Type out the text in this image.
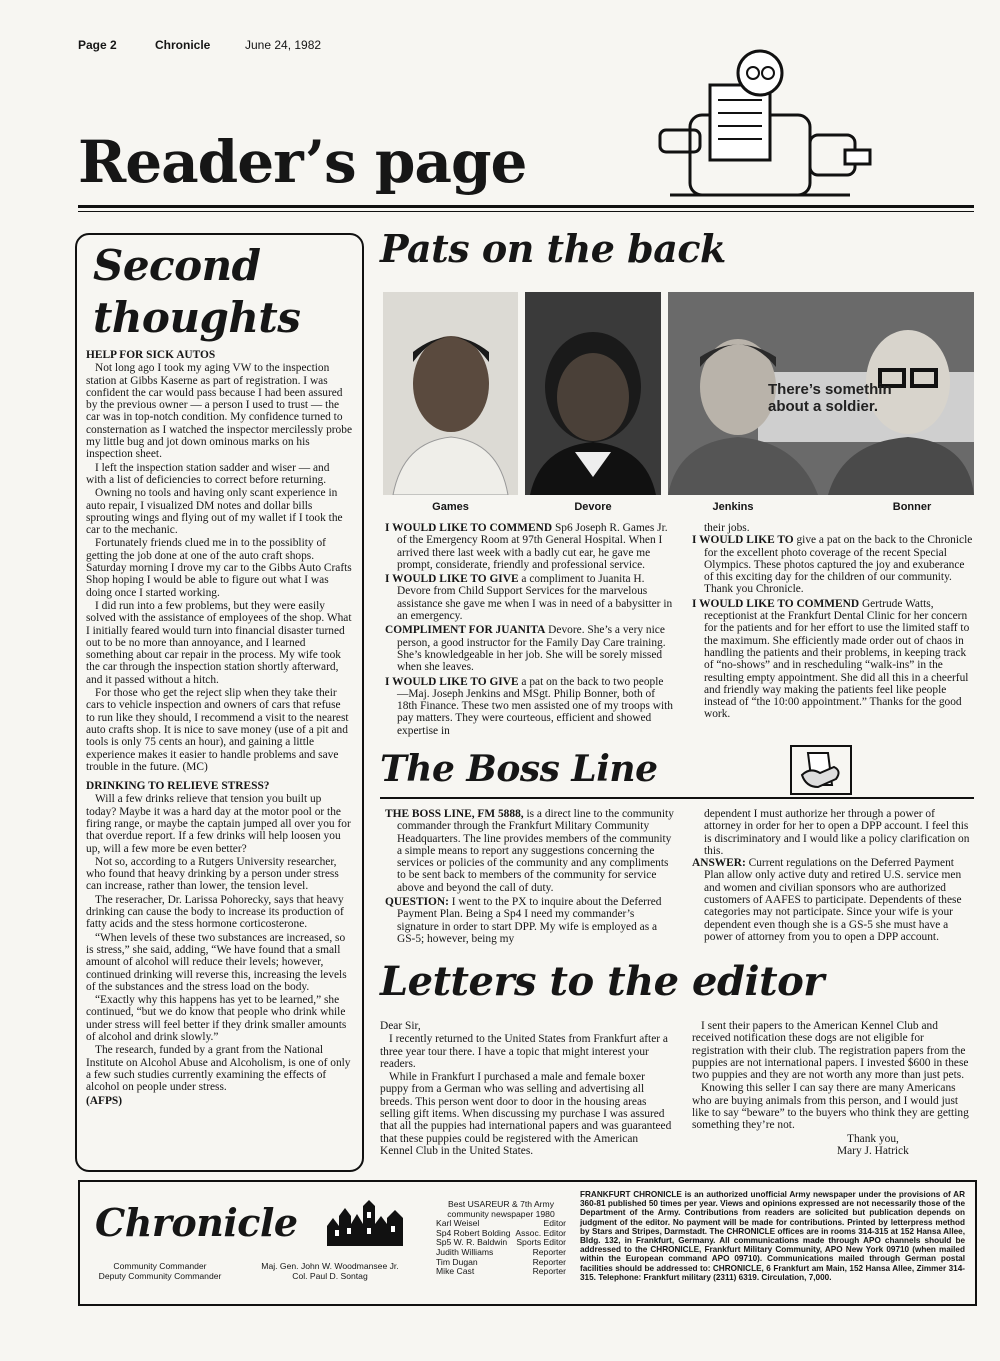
Page 2	Chronicle	June 24, 1982
Reader’s page
Second
thoughts

HELP FOR SICK AUTOS

Not long ago I took my aging VW to the inspection station at Gibbs Kaserne as part of registration. I was confident the car would pass because I had been assured by the previous owner — a person I used to trust — the car was in top-notch condition. My confidence turned to consternation as I watched the inspector mercilessly probe my little bug and jot down ominous marks on his inspection sheet.

I left the inspection station sadder and wiser — and with a list of deficiencies to correct before returning.

Owning no tools and having only scant experience in auto repair, I visualized DM notes and dollar bills sprouting wings and flying out of my wallet if I took the car to the mechanic.

Fortunately friends clued me in to the possiblity of getting the job done at one of the auto craft shops. Saturday morning I drove my car to the Gibbs Auto Crafts Shop hoping I would be able to figure out what I was doing once I started working.

I did run into a few problems, but they were easily solved with the assistance of employees of the shop. What I initially feared would turn into financial disaster turned out to be no more than annoyance, and I learned something about car repair in the process. My wife took the car through the inspection station shortly afterward, and it passed without a hitch.

For those who get the reject slip when they take their cars to vehicle inspection and owners of cars that refuse to run like they should, I recommend a visit to the nearest auto crafts shop. It is nice to save money (use of a pit and tools is only 75 cents an hour), and gaining a little experience makes it easier to handle problems and save trouble in the future. (MC)

DRINKING TO RELIEVE STRESS?

Will a few drinks relieve that tension you built up today? Maybe it was a hard day at the motor pool or the firing range, or maybe the captain jumped all over you for that overdue report. If a few drinks will help loosen you up, will a few more be even better?

Not so, according to a Rutgers University researcher, who found that heavy drinking by a person under stress can increase, rather than lower, the tension level.

The reseracher, Dr. Larissa Pohorecky, says that heavy drinking can cause the body to increase its production of fatty acids and the stess hormone corticosterone.

“When levels of these two substances are increased, so is stress,” she said, adding, “We have found that a small amount of alcohol will reduce their levels; however, continued drinking will reverse this, increasing the levels of the substances and the stress load on the body.

“Exactly why this happens has yet to be learned,” she continued, “but we do know that people who drink while under stress will feel better if they drink smaller amounts of alcohol and drink slowly.”

The research, funded by a grant from the National Institute on Alcohol Abuse and Alcoholism, is one of only a few such studies currently examining the effects of alcohol on people under stress.

(AFPS)

Pats on the back
There’s somethin
about a soldier.
Games	Devore	Jenkins	Bonner
I WOULD LIKE TO COMMEND Sp6 Joseph R. Games Jr. of the Emergency Room at 97th General Hospital. When I arrived there last week with a badly cut ear, he gave me prompt, considerate, friendly and professional service.
I WOULD LIKE TO GIVE a compliment to Juanita H. Devore from Child Support Services for the marvelous assistance she gave me when I was in need of a babysitter in an emergency.
COMPLIMENT FOR JUANITA Devore. She’s a very nice person, a good instructor for the Family Day Care training. She’s knowledgeable in her job. She will be sorely missed when she leaves.
I WOULD LIKE TO GIVE a pat on the back to two people —Maj. Joseph Jenkins and MSgt. Philip Bonner, both of 18th Finance. These two men assisted one of my troops with pay matters. They were courteous, efficient and showed expertise in
their jobs.
I WOULD LIKE TO give a pat on the back to the Chronicle for the excellent photo coverage of the recent Special Olympics. These photos captured the joy and exuberance of this exciting day for the children of our community. Thank you Chronicle.
I WOULD LIKE TO COMMEND Gertrude Watts, receptionist at the Frankfurt Dental Clinic for her concern for the patients and for her effort to use the limited staff to the maximum. She efficiently made order out of chaos in handling the patients and their problems, in keeping track of “no-shows” and in rescheduling “walk-ins” in the resulting empty appointment. She did all this in a cheerful and friendly way making the patients feel like people instead of “the 10:00 appointment.” Thanks for the good work.
The Boss Line
THE BOSS LINE, FM 5888, is a direct line to the community commander through the Frankfurt Military Community Headquarters. The line provides members of the community a simple means to report any suggestions concerning the services or policies of the community and any compliments to be sent back to members of the community for service above and beyond the call of duty.
QUESTION: I went to the PX to inquire about the Deferred Payment Plan. Being a Sp4 I need my commander’s signature in order to start DPP. My wife is employed as a GS-5; however, being my
dependent I must authorize her through a power of attorney in order for her to open a DPP account. I feel this is discriminatory and I would like a policy clarification on this.
ANSWER: Current regulations on the Deferred Payment Plan allow only active duty and retired U.S. service men and women and civilian sponsors who are authorized customers of AAFES to participate. Dependents of these categories may not participate. Since your wife is your dependent even though she is a GS-5 she must have a power of attorney from you to open a DPP account.
Letters to the editor

Dear Sir,

I recently returned to the United States from Frankfurt after a three year tour there. I have a topic that might interest your readers.

While in Frankfurt I purchased a male and female boxer puppy from a German who was selling and advertising all breeds. This person went door to door in the housing areas selling gift items. When discussing my purchase I was assured that all the puppies had international papers and was guaranteed that these puppies could be registered with the American Kennel Club in the United States.

I sent their papers to the American Kennel Club and received notification these dogs are not eligible for registration with their club. The registration papers from the puppies are not international papers. I invested $600 in these two puppies and they are not worth any more than just pets.

Knowing this seller I can say there are many Americans who are buying animals from this person, and I would just like to say “beware” to the buyers who think they are getting something they’re not.

Thank you,
Mary J. Hatrick
Chronicle
Community Commander
Deputy Community Commander
Maj. Gen. John W. Woodmansee Jr.
Col. Paul D. Sontag
Best USAREUR & 7th Army
community newspaper 1980
Karl Weisel	Editor
Sp4 Robert Bolding Assoc. Editor
Sp5 W. R. Baldwin Sports Editor
Judith Williams	Reporter
Tim Dugan	Reporter
Mike Cast	Reporter
FRANKFURT CHRONICLE is an authorized unofficial Army newspaper under the provisions of AR 360-81 published 50 times per year. Views and opinions expressed are not necessarily those of the Department of the Army. Contributions from readers are solicited but publication depends on judgment of the editor. No payment will be made for contributions. Printed by letterpress method by Stars and Stripes, Darmstadt. The CHRONICLE offices are in rooms 314-315 at 152 Hansa Allee, Bldg. 132, in Frankfurt, Germany. All communications made through APO channels should be addressed to the CHRONICLE, Frankfurt Military Community, APO New York 09710 (when mailed within the European command APO 09710). Communications mailed through German postal facilities should be addressed to: CHRONICLE, 6 Frankfurt am Main, 152 Hansa Allee, Zimmer 314-315. Telephone: Frankfurt military (2311) 6319. Circulation, 7,000.
